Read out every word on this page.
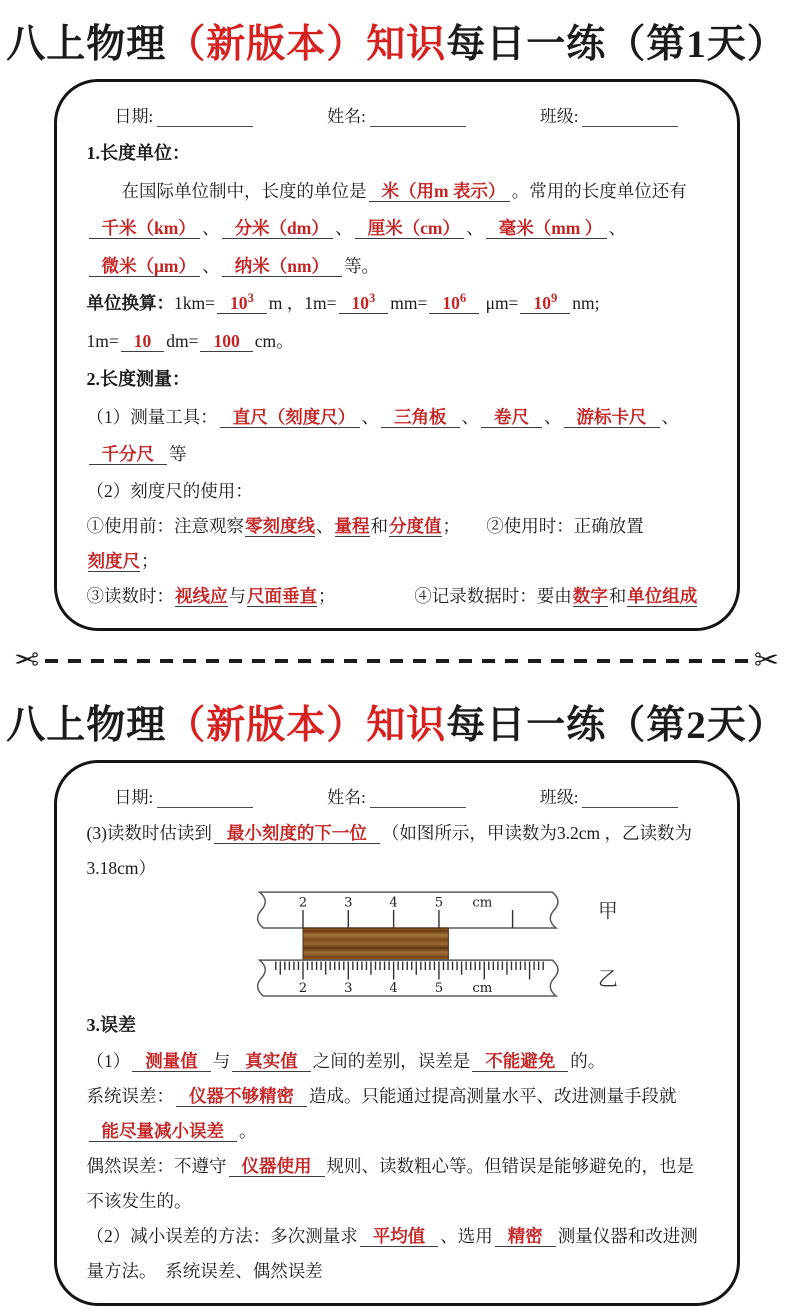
八上物理（新版本）知识每日一练（第1天）
日期:	姓名:	班级:
1.长度单位：

在国际单位制中，长度的单位是 米（用m 表示） 。常用的长度单位还有千米（km） 、 分米（dm） 、 厘米（cm） 、 毫米（mm ） 、微米（μm） 、 纳米（nm） 等。

单位换算：$1km= 10^3$ m ，$1m= 10^3$ $mm= 10^6$ $\mu m= 10^9$ nm; 1m= 10 dm= 100 cm。

2.长度测量：

（1）测量工具： 直尺（刻度尺） 、 三角板 、 卷尺 、 游标卡尺 、千分尺 等

（2）刻度尺的使用：

①使用前：注意观察零刻度线、量程和分度值；　　②使用时：正确放置刻度尺；

③读数时：视线应与尺面垂直；　　　　　④记录数据时：要由数字和单位组成

✂	✂
八上物理（新版本）知识每日一练（第2天）
日期:	姓名:	班级:

(3)读数时估读到 最小刻度的下一位 （如图所示，甲读数为3.2cm ，乙读数为3.18cm）

2	3	4	5 cm
2	3	4	5 cm
甲
乙
3.误差

（1） 测量值 与 真实值 之间的差别，误差是 不能避免 的。

系统误差： 仪器不够精密 造成。只能通过提高测量水平、改进测量手段就

能尽量减小误差 。

偶然误差：不遵守 仪器使用 规则、读数粗心等。但错误是能够避免的，也是不该发生的。

（2）减小误差的方法：多次测量求 平均值 、选用 精密 测量仪器和改进测量方法。　系统误差、偶然误差
